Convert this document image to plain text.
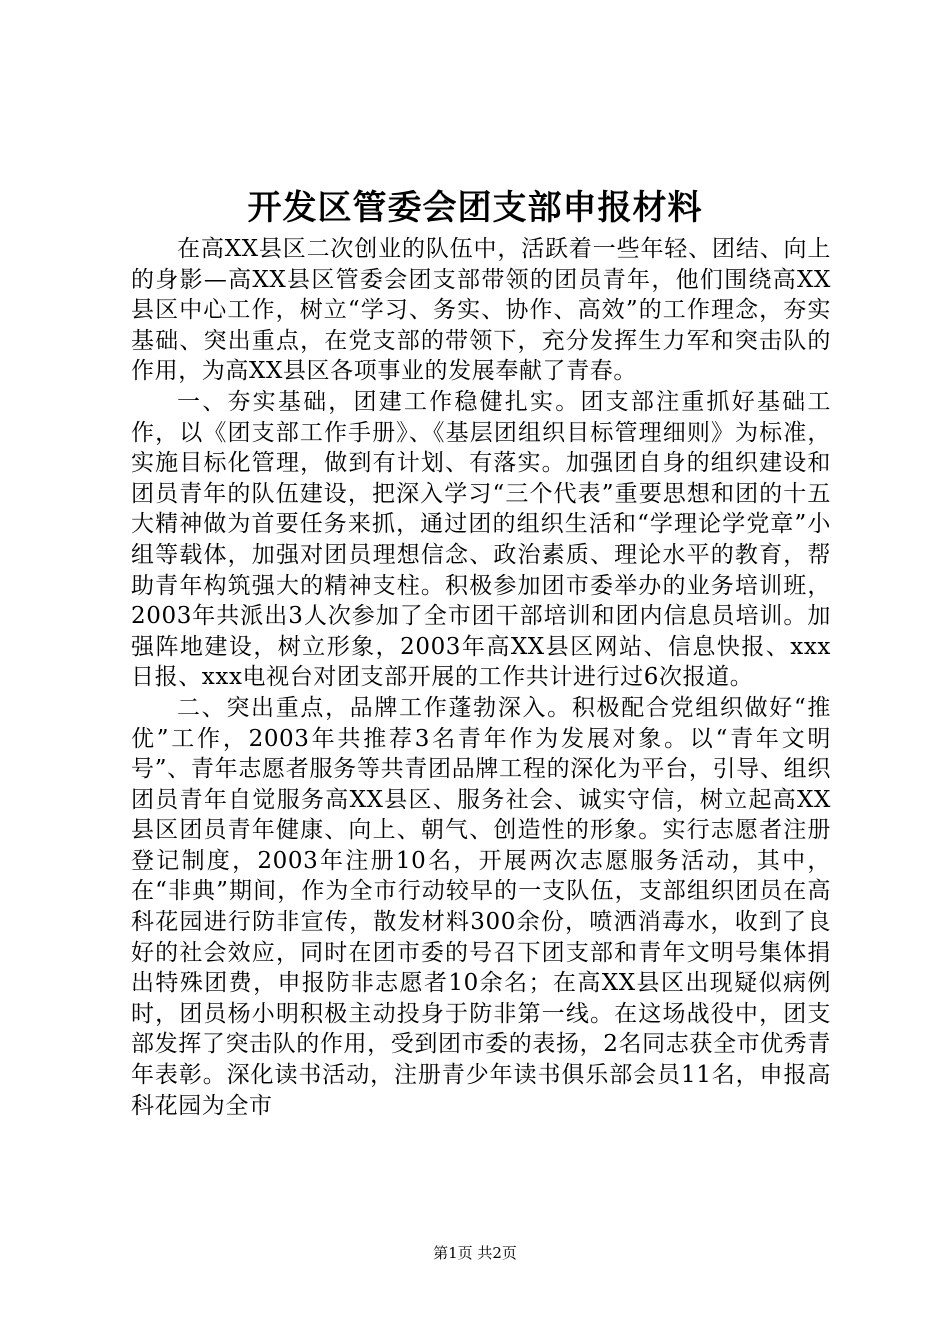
开发区管委会团支部申报材料

在高XX县区二次创业的队伍中，活跃着一些年轻、团结、向上的身影—高XX县区管委会团支部带领的团员青年，他们围绕高XX县区中心工作，树立“学习、务实、协作、高效”的工作理念，夯实基础、突出重点，在党支部的带领下，充分发挥生力军和突击队的作用，为高XX县区各项事业的发展奉献了青春。

一、夯实基础，团建工作稳健扎实。团支部注重抓好基础工作，以《团支部工作手册》、《基层团组织目标管理细则》为标准，实施目标化管理，做到有计划、有落实。加强团自身的组织建设和团员青年的队伍建设，把深入学习“三个代表”重要思想和团的十五大精神做为首要任务来抓，通过团的组织生活和“学理论学党章”小组等载体，加强对团员理想信念、政治素质、理论水平的教育，帮助青年构筑强大的精神支柱。积极参加团市委举办的业务培训班，2003年共派出3人次参加了全市团干部培训和团内信息员培训。加强阵地建设，树立形象，2003年高XX县区网站、信息快报、xxx日报、xxx电视台对团支部开展的工作共计进行过6次报道。

二、突出重点，品牌工作蓬勃深入。积极配合党组织做好“推优”工作，2003年共推荐3名青年作为发展对象。以“青年文明号”、青年志愿者服务等共青团品牌工程的深化为平台，引导、组织团员青年自觉服务高XX县区、服务社会、诚实守信，树立起高XX县区团员青年健康、向上、朝气、创造性的形象。实行志愿者注册登记制度，2003年注册10名，开展两次志愿服务活动，其中，在“非典”期间，作为全市行动较早的一支队伍，支部组织团员在高科花园进行防非宣传，散发材料300余份，喷洒消毒水，收到了良好的社会效应，同时在团市委的号召下团支部和青年文明号集体捐出特殊团费，申报防非志愿者10余名；在高XX县区出现疑似病例时，团员杨小明积极主动投身于防非第一线。在这场战役中，团支部发挥了突击队的作用，受到团市委的表扬，2名同志获全市优秀青年表彰。深化读书活动，注册青少年读书俱乐部会员11名，申报高科花园为全市

第1页 共2页
